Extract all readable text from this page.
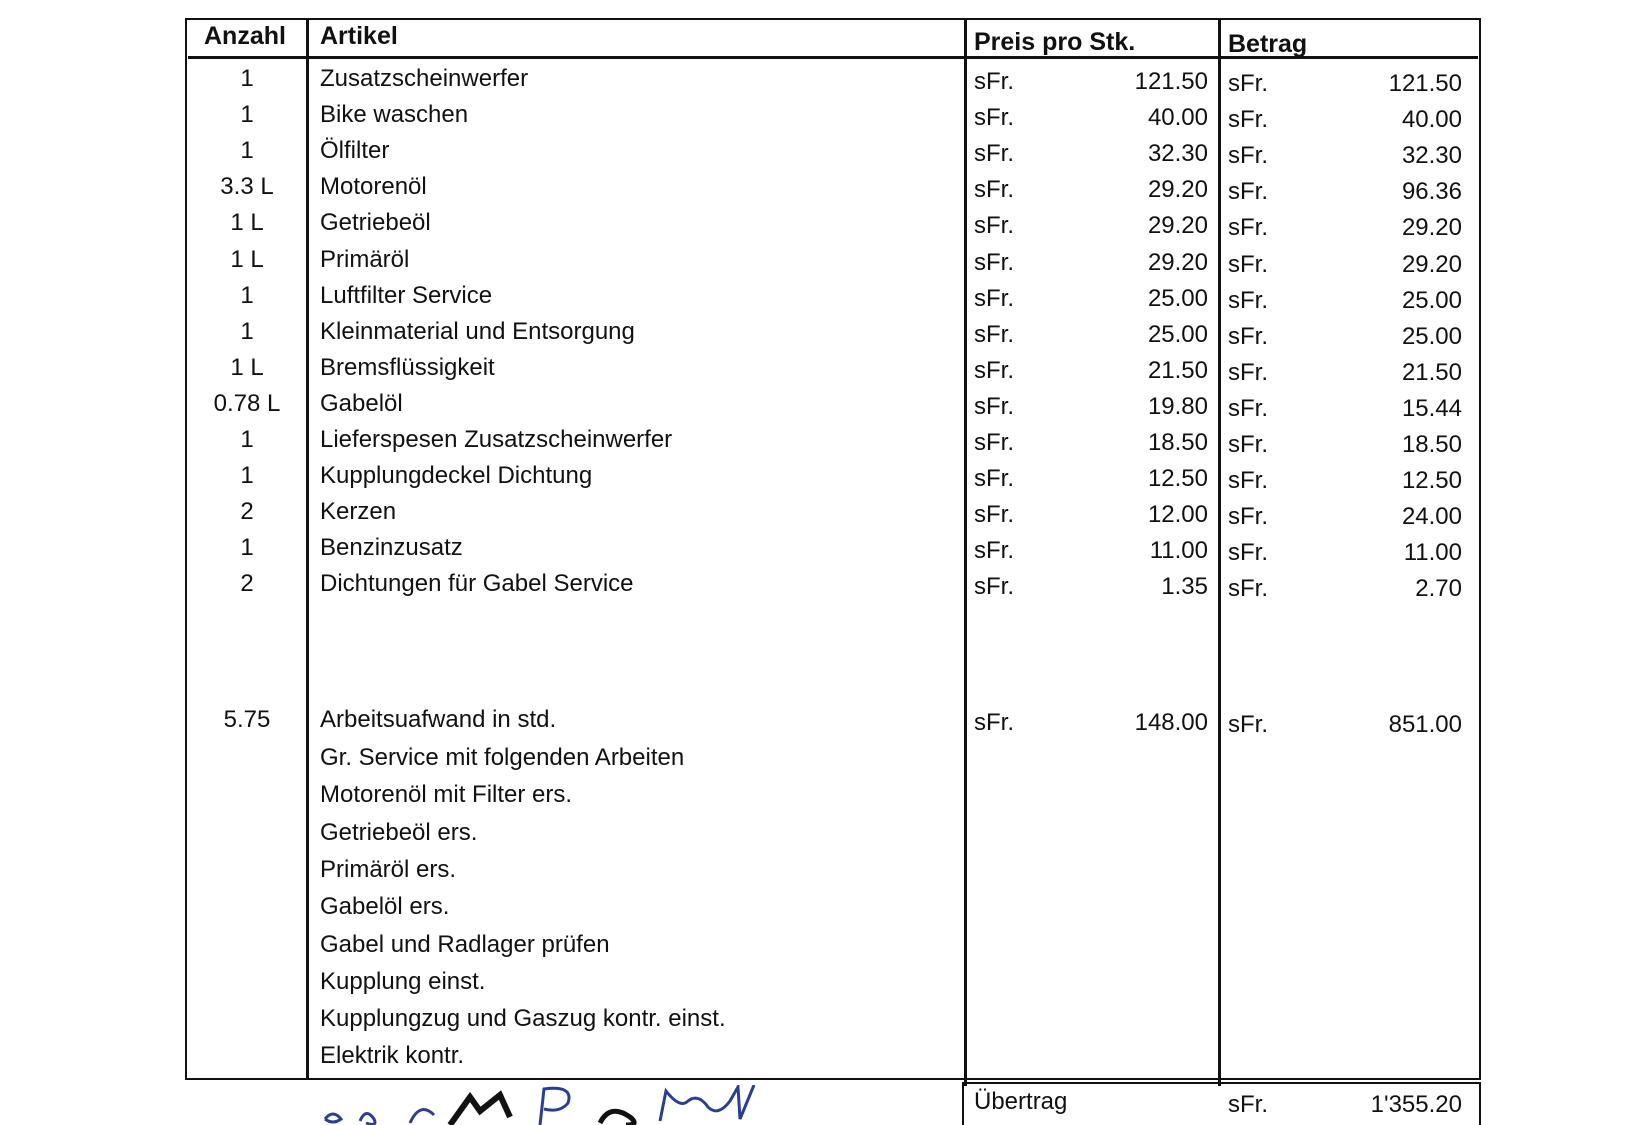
Anzahl Artikel	Preis pro Stk.	Betrag
1	Zusatzscheinwerfer	sFr.	121.50 sFr.	121.50
1	Bike waschen	sFr.	40.00 sFr.	40.00
1	Ölfilter	sFr.	32.30 sFr.	32.30
3.3 L	Motorenöl	sFr.	29.20 sFr.	96.36
1 L	Getriebeöl	sFr.	29.20 sFr.	29.20
1 L	Primäröl	sFr.	29.20 sFr.	29.20
1	Luftfilter Service	sFr.	25.00 sFr.	25.00
1	Kleinmaterial und Entsorgung	sFr.	25.00 sFr.	25.00
1 L	Bremsflüssigkeit	sFr.	21.50 sFr.	21.50
0.78 L	Gabelöl	sFr.	19.80 sFr.	15.44
1	Lieferspesen Zusatzscheinwerfer	sFr.	18.50 sFr.	18.50
1	Kupplungdeckel Dichtung	sFr.	12.50 sFr.	12.50
2	Kerzen	sFr.	12.00 sFr.	24.00
1	Benzinzusatz	sFr.	11.00 sFr.	11.00
2	Dichtungen für Gabel Service	sFr.	1.35 sFr.	2.70
5.75	Arbeitsuafwand in std.	sFr.	148.00 sFr.	851.00
Gr. Service mit folgenden Arbeiten
Motorenöl mit Filter ers.
Getriebeöl ers.
Primäröl ers.
Gabelöl ers.
Gabel und Radlager prüfen
Kupplung einst.
Kupplungzug und Gaszug kontr. einst.
Elektrik kontr.
Übertrag	sFr.	1'355.20
